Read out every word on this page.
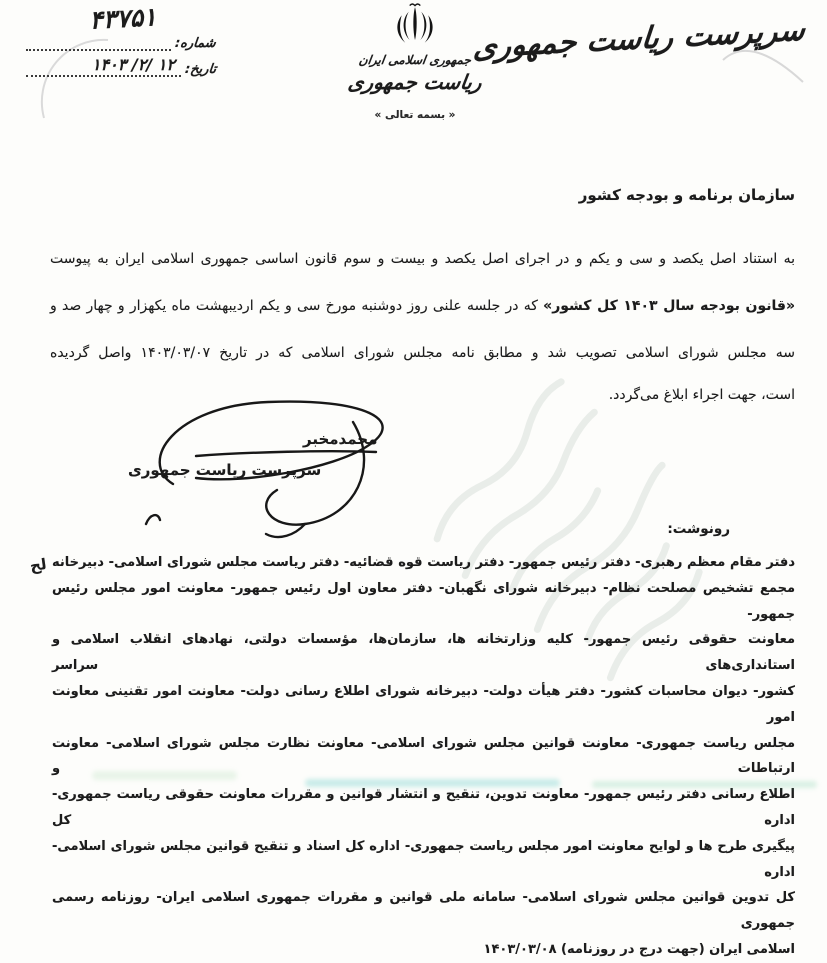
۴۳۷۵۱
شماره:
تاریخ:
۱۲ /۲/ ۱۴۰۳	جمهوری اسلامی ایران
ریاست جمهوری
« بسمه تعالی »
سرپرست ریاست جمهوری
سازمان برنامه و بودجه کشور
به استناد اصل یکصد و سی و یکم و در اجرای اصل یکصد و بیست و سوم قانون اساسی جمهوری اسلامی ایران به پیوست
«قانون بودجه سال ۱۴۰۳ کل کشور» که در جلسه علنی روز دوشنبه مورخ سی و یکم اردیبهشت ماه یکهزار و چهار صد و
سه مجلس شورای اسلامی تصویب شد و مطابق نامه مجلس شورای اسلامی که در تاریخ ۱۴۰۳/۰۳/۰۷ واصل گردیده
است، جهت اجراء ابلاغ می‌گردد.
محمدمخبر
سرپرست ریاست جمهوری
رونوشت:
لح دفتر مقام معظم رهبری- دفتر رئیس جمهور- دفتر ریاست قوه قضائیه- دفتر ریاست مجلس شورای اسلامی- دبیرخانه
مجمع تشخیص مصلحت نظام- دبیرخانه شورای نگهبان- دفتر معاون اول رئیس جمهور- معاونت امور مجلس رئیس جمهور-
معاونت حقوقی رئیس جمهور- کلیه وزارتخانه ها، سازمان‌ها، مؤسسات دولتی، نهادهای انقلاب اسلامی و استانداری‌های سراسر
کشور- دیوان محاسبات کشور- دفتر هیأت دولت- دبیرخانه شورای اطلاع رسانی دولت- معاونت امور تقنینی معاونت امور
مجلس ریاست جمهوری- معاونت قوانین مجلس شورای اسلامی- معاونت نظارت مجلس شورای اسلامی- معاونت ارتباطات و
اطلاع رسانی دفتر رئیس جمهور- معاونت تدوین، تنقیح و انتشار قوانین و مقررات معاونت حقوقی ریاست جمهوری- اداره کل
پیگیری طرح ها و لوایح معاونت امور مجلس ریاست جمهوری- اداره کل اسناد و تنقیح قوانین مجلس شورای اسلامی- اداره
کل تدوین قوانین مجلس شورای اسلامی- سامانه ملی قوانین و مقررات جمهوری اسلامی ایران- روزنامه رسمی جمهوری
اسلامی ایران (جهت درج در روزنامه) ۱۴۰۳/۰۳/۰۸
